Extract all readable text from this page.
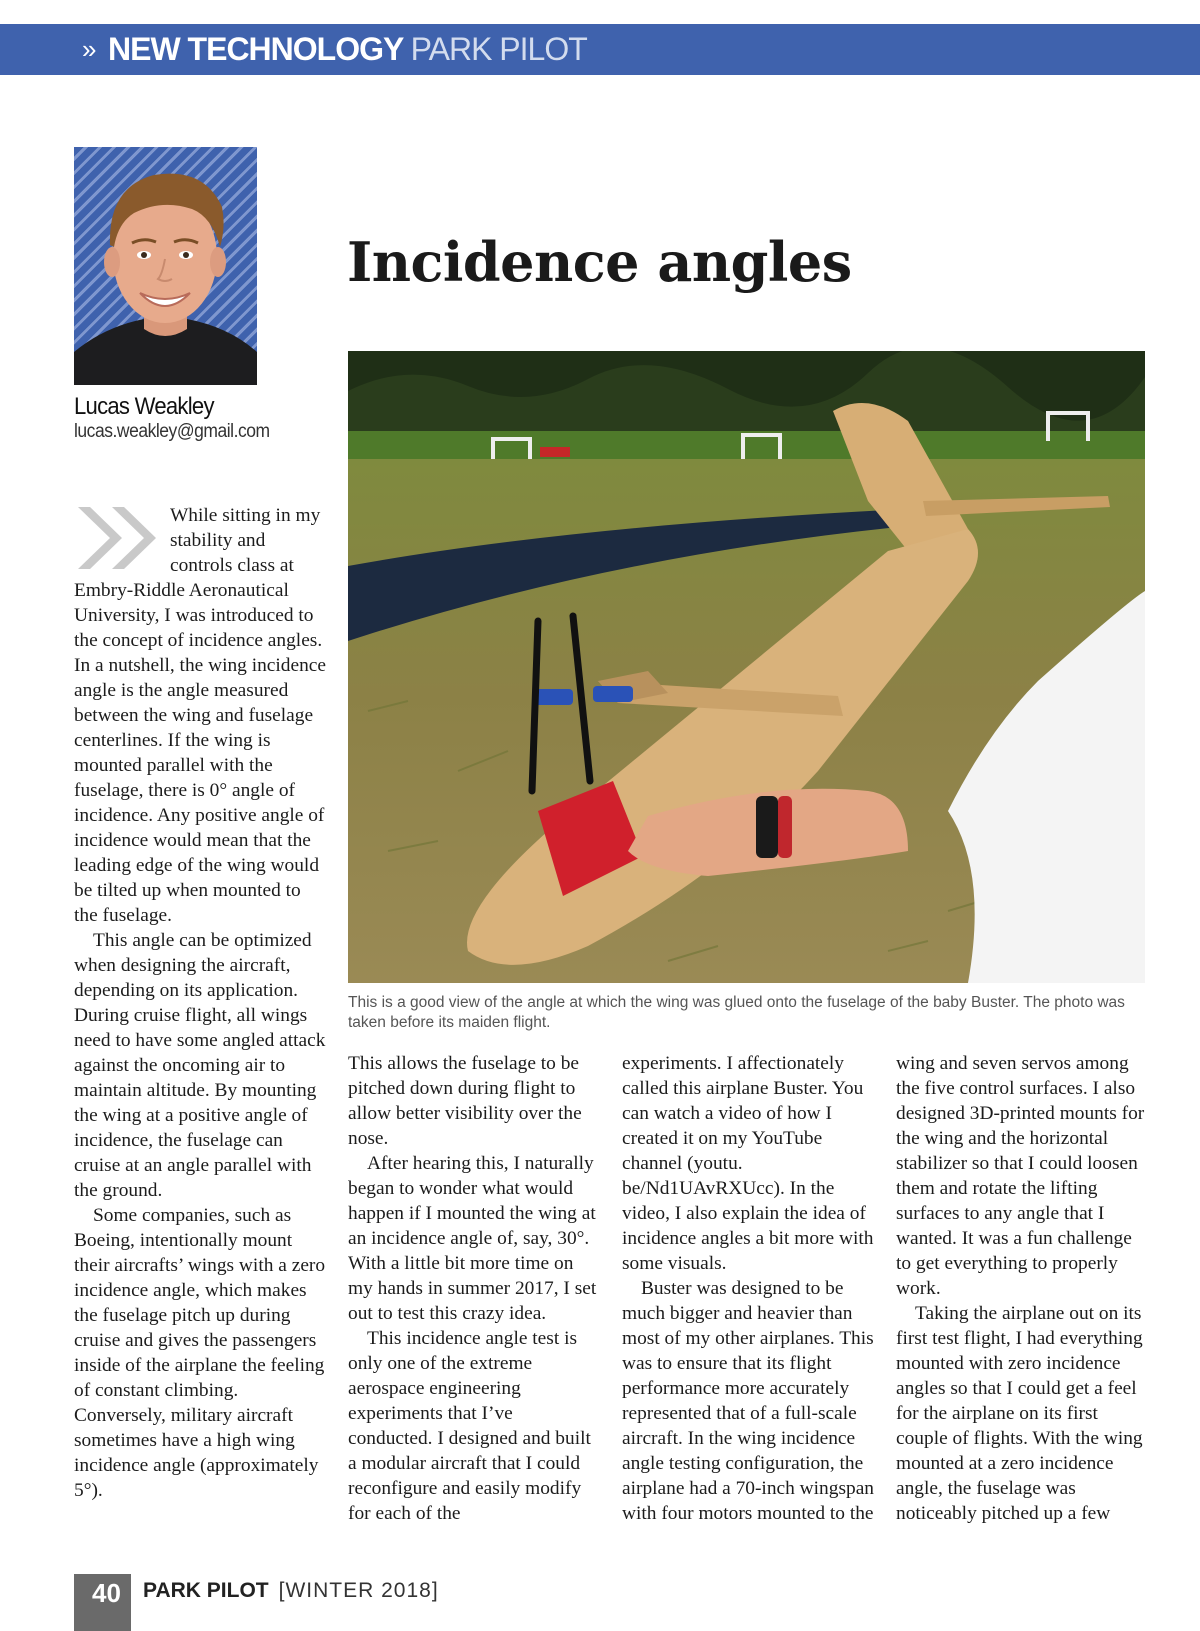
» NEW TECHNOLOGY PARK PILOT
Lucas Weakley
lucas.weakley@gmail.com
Incidence angles
This is a good view of the angle at which the wing was glued onto the fuselage of the baby Buster. The photo was taken before its maiden flight.

While sitting in my stability and controls class at Embry-Riddle Aeronautical University, I was introduced to the concept of incidence angles. In a nutshell, the wing incidence angle is the angle measured between the wing and fuselage centerlines. If the wing is mounted parallel with the fuselage, there is 0° angle of incidence. Any positive angle of incidence would mean that the leading edge of the wing would be tilted up when mounted to the fuselage.

This angle can be optimized when designing the aircraft, depending on its application. During cruise flight, all wings need to have some angled attack against the oncoming air to maintain altitude. By mounting the wing at a positive angle of incidence, the fuselage can cruise at an angle parallel with the ground.

Some companies, such as Boeing, intentionally mount their aircrafts’ wings with a zero incidence angle, which makes the fuselage pitch up during cruise and gives the passengers inside of the airplane the feeling of constant climbing. Conversely, military aircraft sometimes have a high wing incidence angle (approximately 5°).

This allows the fuselage to be pitched down during flight to allow better visibility over the nose.

After hearing this, I naturally began to wonder what would happen if I mounted the wing at an incidence angle of, say, 30°. With a little bit more time on my hands in summer 2017, I set out to test this crazy idea.

This incidence angle test is only one of the extreme aerospace engineering experiments that I’ve conducted. I designed and built a modular aircraft that I could reconfigure and easily modify for each of the

experiments. I affectionately called this airplane Buster. You can watch a video of how I created it on my YouTube channel (youtu. be/Nd1UAvRXUcc). In the video, I also explain the idea of incidence angles a bit more with some visuals.

Buster was designed to be much bigger and heavier than most of my other airplanes. This was to ensure that its flight performance more accurately represented that of a full-scale aircraft. In the wing incidence angle testing configuration, the airplane had a 70-inch wingspan with four motors mounted to the

wing and seven servos among the five control surfaces. I also designed 3D-printed mounts for the wing and the horizontal stabilizer so that I could loosen them and rotate the lifting surfaces to any angle that I wanted. It was a fun challenge to get everything to properly work.

Taking the airplane out on its first test flight, I had everything mounted with zero incidence angles so that I could get a feel for the airplane on its first couple of flights. With the wing mounted at a zero incidence angle, the fuselage was noticeably pitched up a few

40 PARK PILOT [WINTER 2018]
